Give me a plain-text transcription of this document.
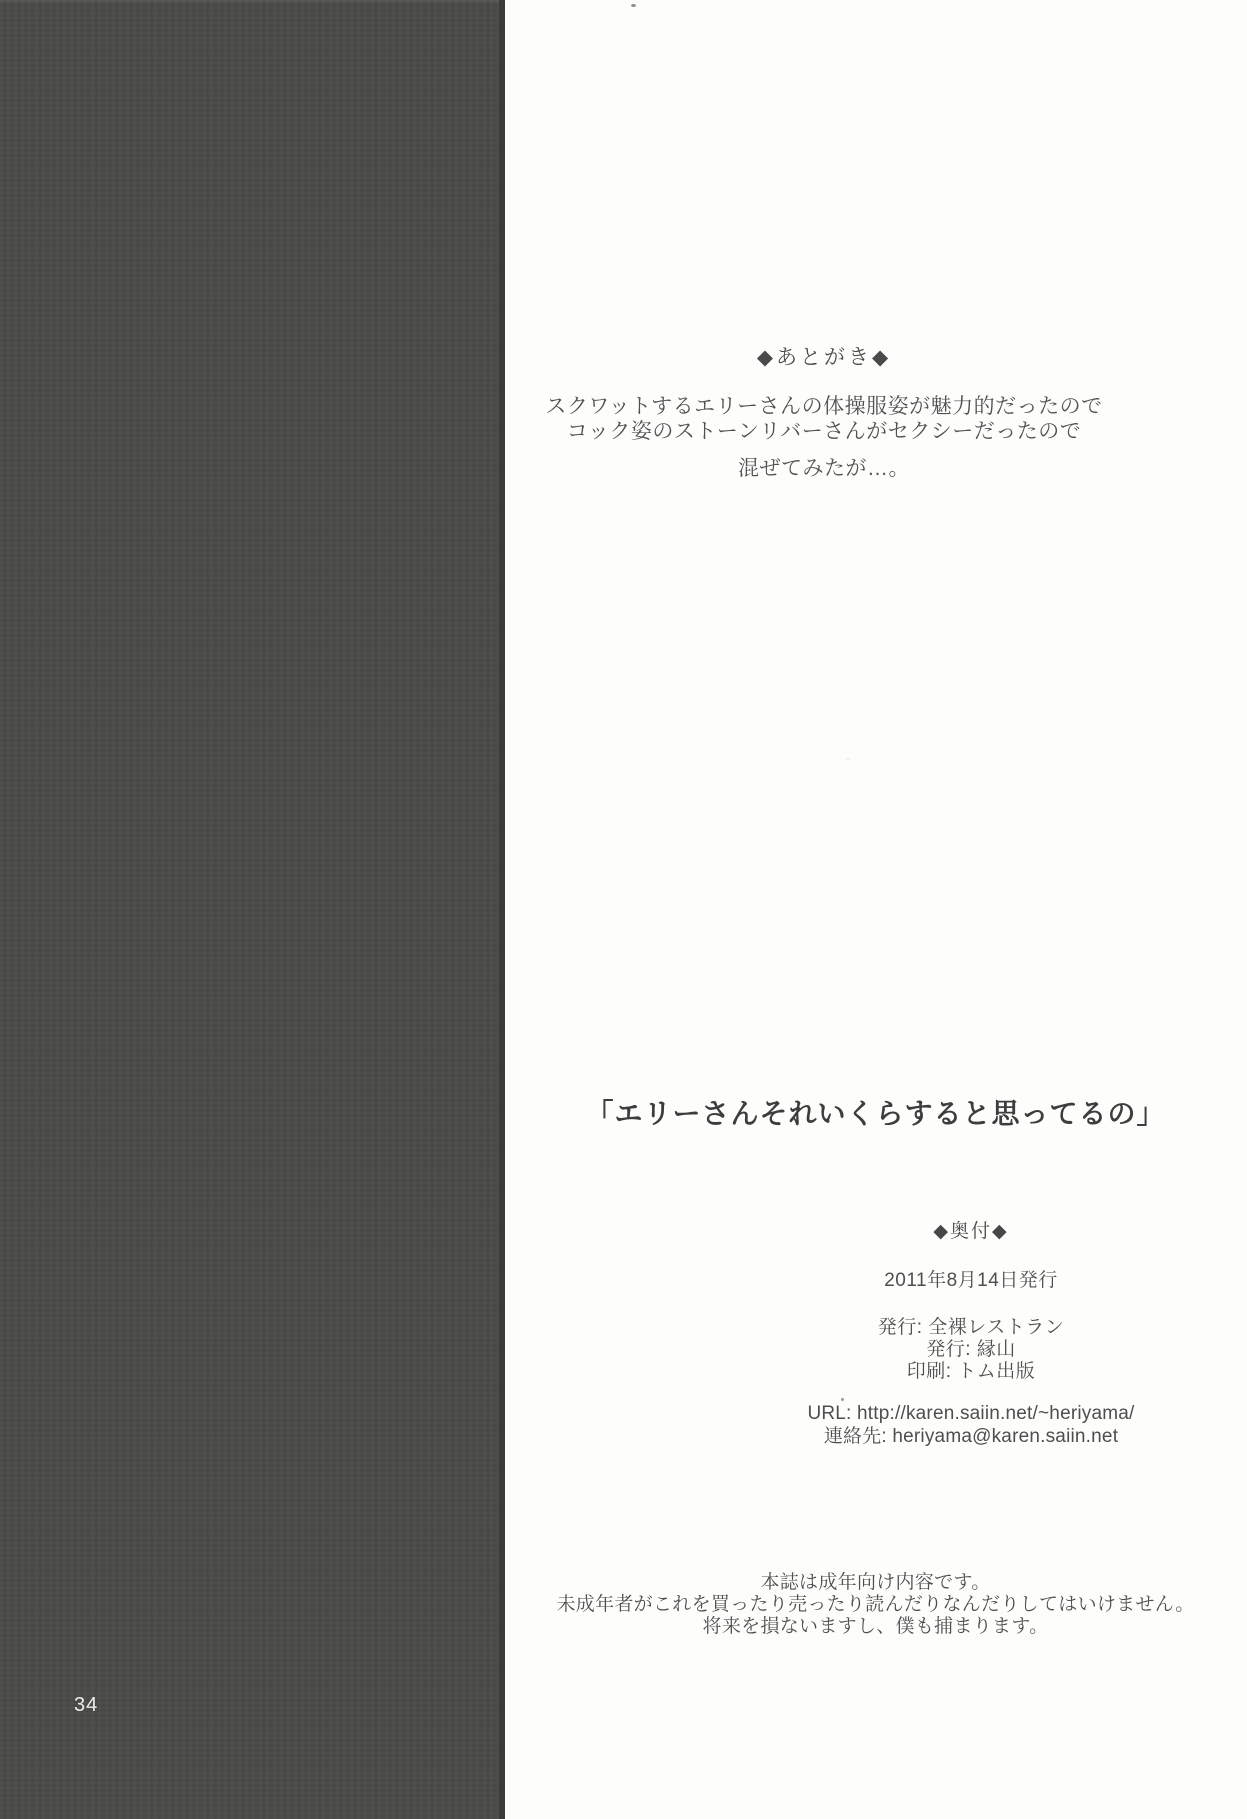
34
◆あとがき◆
スクワットするエリーさんの体操服姿が魅力的だったので
コック姿のストーンリバーさんがセクシーだったので
混ぜてみたが…。
「エリーさんそれいくらすると思ってるの」
◆奥付◆
2011年8月14日発行
発行: 全裸レストラン
発行: 縁山
印刷: トム出版
URL: http://karen.saiin.net/~heriyama/
連絡先: heriyama@karen.saiin.net
本誌は成年向け内容です。
未成年者がこれを買ったり売ったり読んだりなんだりしてはいけません。
将来を損ないますし、僕も捕まります。
